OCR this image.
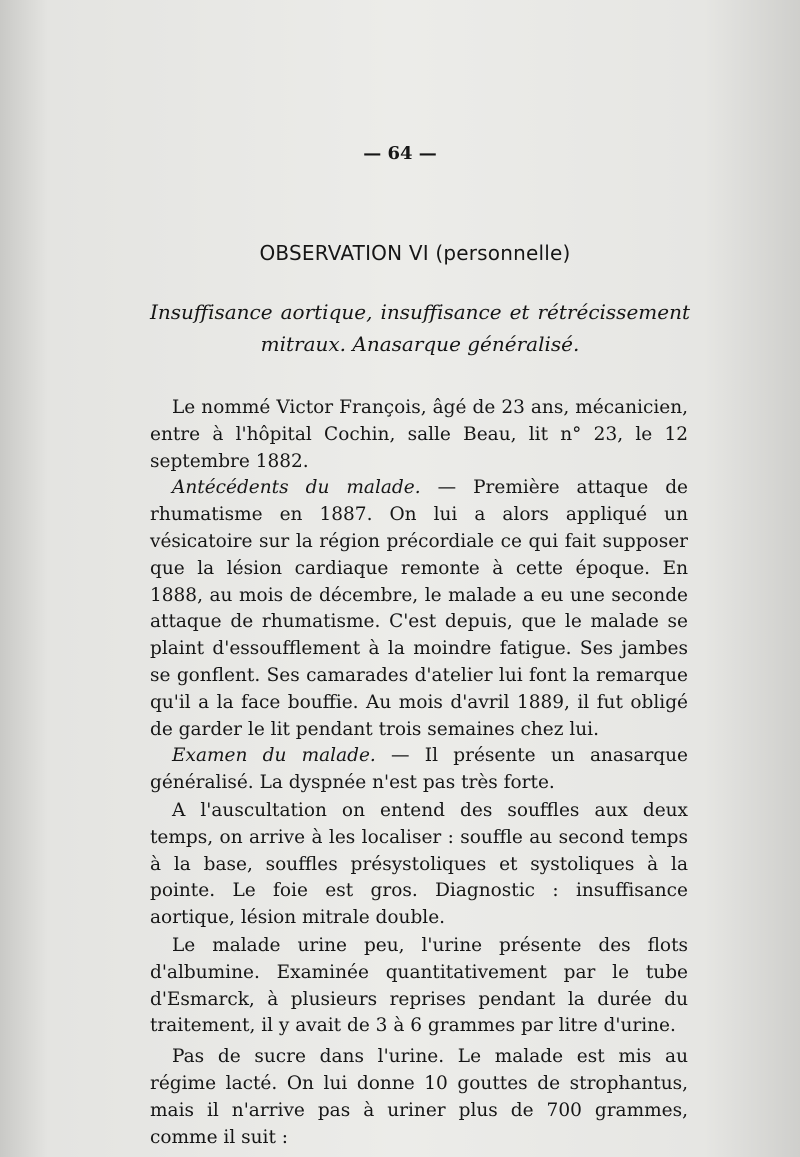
— 64 —
OBSERVATION VI (personnelle)
Insuffisance aortique, insuffisance et rétrécissement mitraux. Anasarque généralisé.

Le nommé Victor François, âgé de 23 ans, mécanicien, entre à l'hôpital Cochin, salle Beau, lit n° 23, le 12 septembre 1882.

Antécédents du malade. — Première attaque de rhumatisme en 1887. On lui a alors appliqué un vésicatoire sur la région précordiale ce qui fait supposer que la lésion cardiaque remonte à cette époque. En 1888, au mois de décembre, le malade a eu une seconde attaque de rhumatisme. C'est depuis, que le malade se plaint d'essoufflement à la moindre fatigue. Ses jambes se gonflent. Ses camarades d'atelier lui font la remarque qu'il a la face bouffie. Au mois d'avril 1889, il fut obligé de garder le lit pendant trois semaines chez lui.

Examen du malade. — Il présente un anasarque généralisé. La dyspnée n'est pas très forte.

A l'auscultation on entend des souffles aux deux temps, on arrive à les localiser : souffle au second temps à la base, souffles présystoliques et systoliques à la pointe. Le foie est gros. Diagnostic : insuffisance aortique, lésion mitrale double.

Le malade urine peu, l'urine présente des flots d'albumine. Examinée quantitativement par le tube d'Esmarck, à plusieurs reprises pendant la durée du traitement, il y avait de 3 à 6 grammes par litre d'urine.

Pas de sucre dans l'urine. Le malade est mis au régime lacté. On lui donne 10 gouttes de strophantus, mais il n'arrive pas à uriner plus de 700 grammes, comme il suit :
